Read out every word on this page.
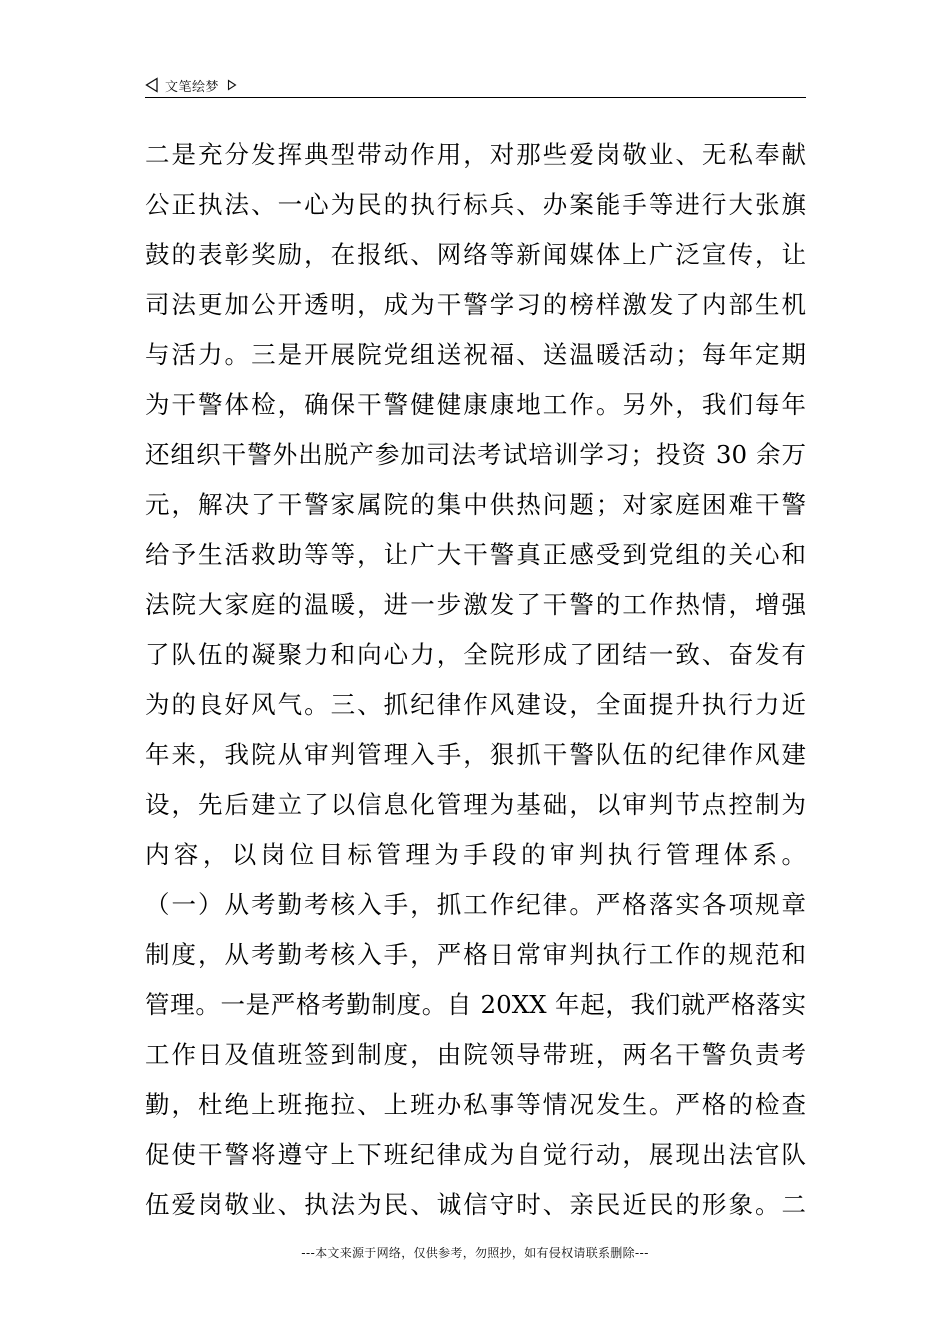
文笔绘梦
二是充分发挥典型带动作用，对那些爱岗敬业、无私奉献
公正执法、一心为民的执行标兵、办案能手等进行大张旗
鼓的表彰奖励，在报纸、网络等新闻媒体上广泛宣传，让
司法更加公开透明，成为干警学习的榜样激发了内部生机
与活力。三是开展院党组送祝福、送温暖活动；每年定期
为干警体检，确保干警健健康康地工作。另外，我们每年
还组织干警外出脱产参加司法考试培训学习；投资 30 余万
元，解决了干警家属院的集中供热问题；对家庭困难干警
给予生活救助等等，让广大干警真正感受到党组的关心和
法院大家庭的温暖，进一步激发了干警的工作热情，增强
了队伍的凝聚力和向心力，全院形成了团结一致、奋发有
为的良好风气。三、抓纪律作风建设，全面提升执行力近
年来，我院从审判管理入手，狠抓干警队伍的纪律作风建
设，先后建立了以信息化管理为基础，以审判节点控制为
内容，以岗位目标管理为手段的审判执行管理体系。
（一）从考勤考核入手，抓工作纪律。严格落实各项规章
制度，从考勤考核入手，严格日常审判执行工作的规范和
管理。一是严格考勤制度。自 20XX 年起，我们就严格落实
工作日及值班签到制度，由院领导带班，两名干警负责考
勤，杜绝上班拖拉、上班办私事等情况发生。严格的检查
促使干警将遵守上下班纪律成为自觉行动，展现出法官队
伍爱岗敬业、执法为民、诚信守时、亲民近民的形象。二
---本文来源于网络，仅供参考，勿照抄，如有侵权请联系删除---
